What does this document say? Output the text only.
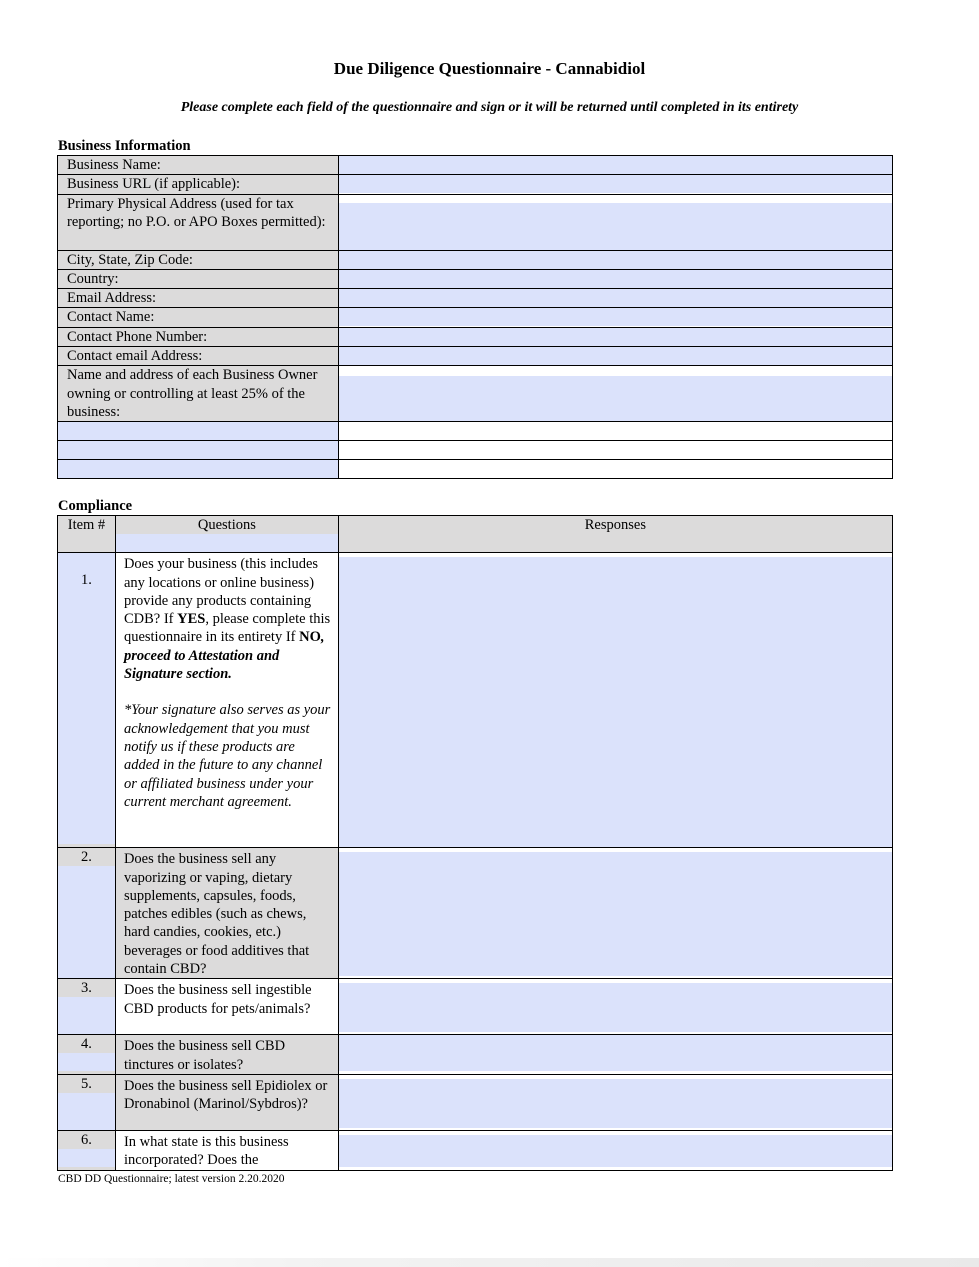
Due Diligence Questionnaire - Cannabidiol
Please complete each field of the questionnaire and sign or it will be returned until completed in its entirety
Business Information
Business Name:	

Business URL (if applicable):	

Primary Physical Address (used for tax reporting; no P.O. or APO Boxes permitted):	

City, State, Zip Code:	

Country:	

Email Address:	

Contact Name:	

Contact Phone Number:	

Contact email Address:	

Name and address of each Business Owner owning or controlling at least 25% of the business:	

Compliance
Item #	Questions	Responses

1.	Does your business (this includes any locations or online business) provide any products containing CDB? If YES, please complete this questionnaire in its entirety If NO, proceed to Attestation and Signature section.
*Your signature also serves as your acknowledgement that you must notify us if these products are added in the future to any channel or affiliated business under your current merchant agreement.	

2.	Does the business sell any vaporizing or vaping, dietary supplements, capsules, foods, patches edibles (such as chews, hard candies, cookies, etc.) beverages or food additives that contain CBD?	

3.	Does the business sell ingestible CBD products for pets/animals?	

4.	Does the business sell CBD tinctures or isolates?	

5.	Does the business sell Epidiolex or Dronabinol (Marinol/Sybdros)?	

6.	In what state is this business incorporated? Does the	
CBD DD Questionnaire; latest version 2.20.2020
